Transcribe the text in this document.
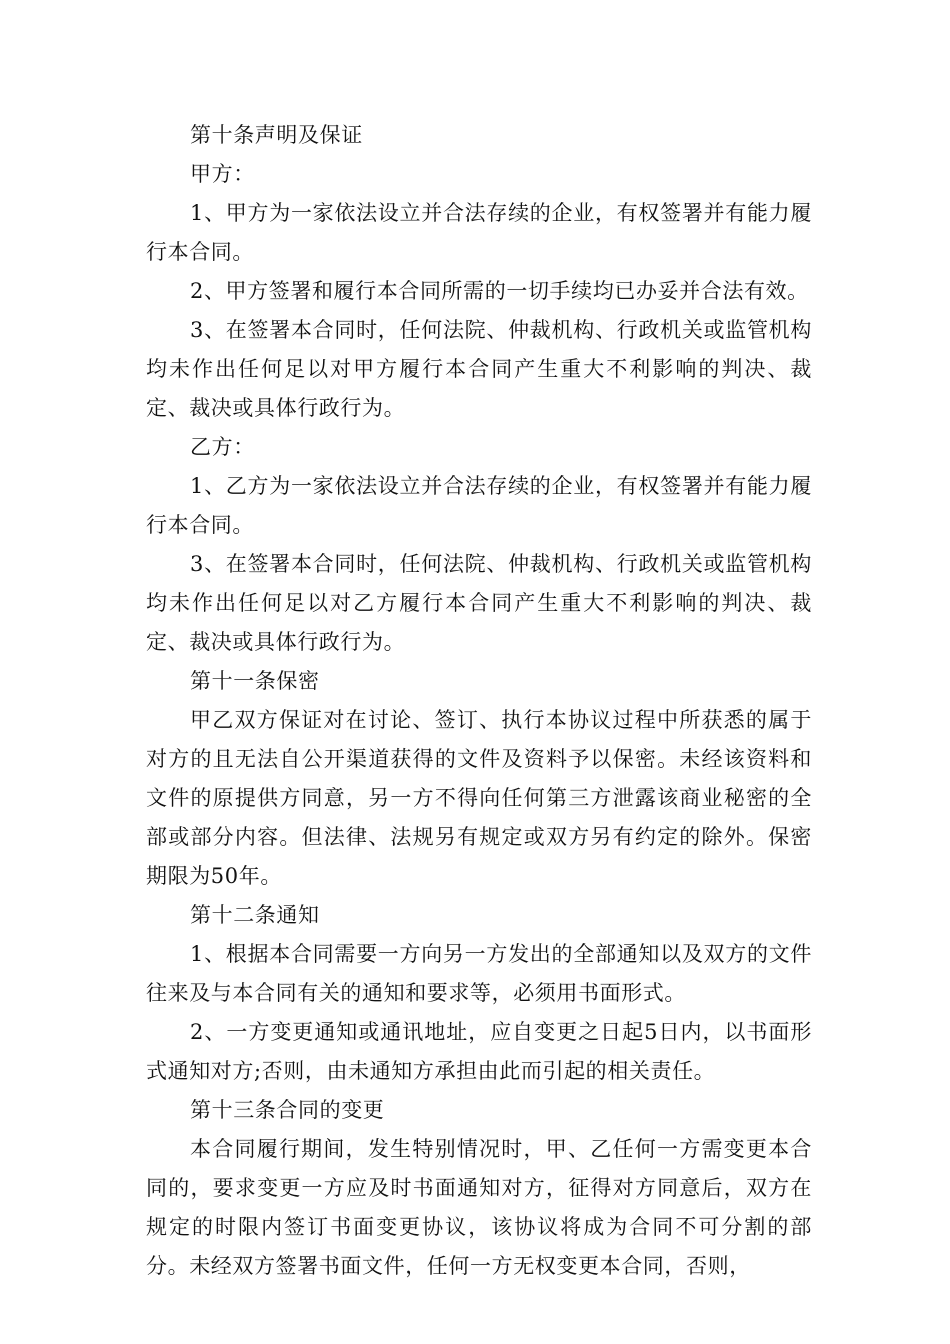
第十条声明及保证

甲方：

1、甲方为一家依法设立并合法存续的企业，有权签署并有能力履行本合同。

2、甲方签署和履行本合同所需的一切手续均已办妥并合法有效。

3、在签署本合同时，任何法院、仲裁机构、行政机关或监管机构均未作出任何足以对甲方履行本合同产生重大不利影响的判决、裁定、裁决或具体行政行为。

乙方：

1、乙方为一家依法设立并合法存续的企业，有权签署并有能力履行本合同。

3、在签署本合同时，任何法院、仲裁机构、行政机关或监管机构均未作出任何足以对乙方履行本合同产生重大不利影响的判决、裁定、裁决或具体行政行为。

第十一条保密

甲乙双方保证对在讨论、签订、执行本协议过程中所获悉的属于对方的且无法自公开渠道获得的文件及资料予以保密。未经该资料和文件的原提供方同意，另一方不得向任何第三方泄露该商业秘密的全部或部分内容。但法律、法规另有规定或双方另有约定的除外。保密期限为50年。

第十二条通知

1、根据本合同需要一方向另一方发出的全部通知以及双方的文件往来及与本合同有关的通知和要求等，必须用书面形式。

2、一方变更通知或通讯地址，应自变更之日起5日内，以书面形式通知对方;否则，由未通知方承担由此而引起的相关责任。

第十三条合同的变更

本合同履行期间，发生特别情况时，甲、乙任何一方需变更本合同的，要求变更一方应及时书面通知对方，征得对方同意后，双方在规定的时限内签订书面变更协议，该协议将成为合同不可分割的部分。未经双方签署书面文件，任何一方无权变更本合同，否则，
